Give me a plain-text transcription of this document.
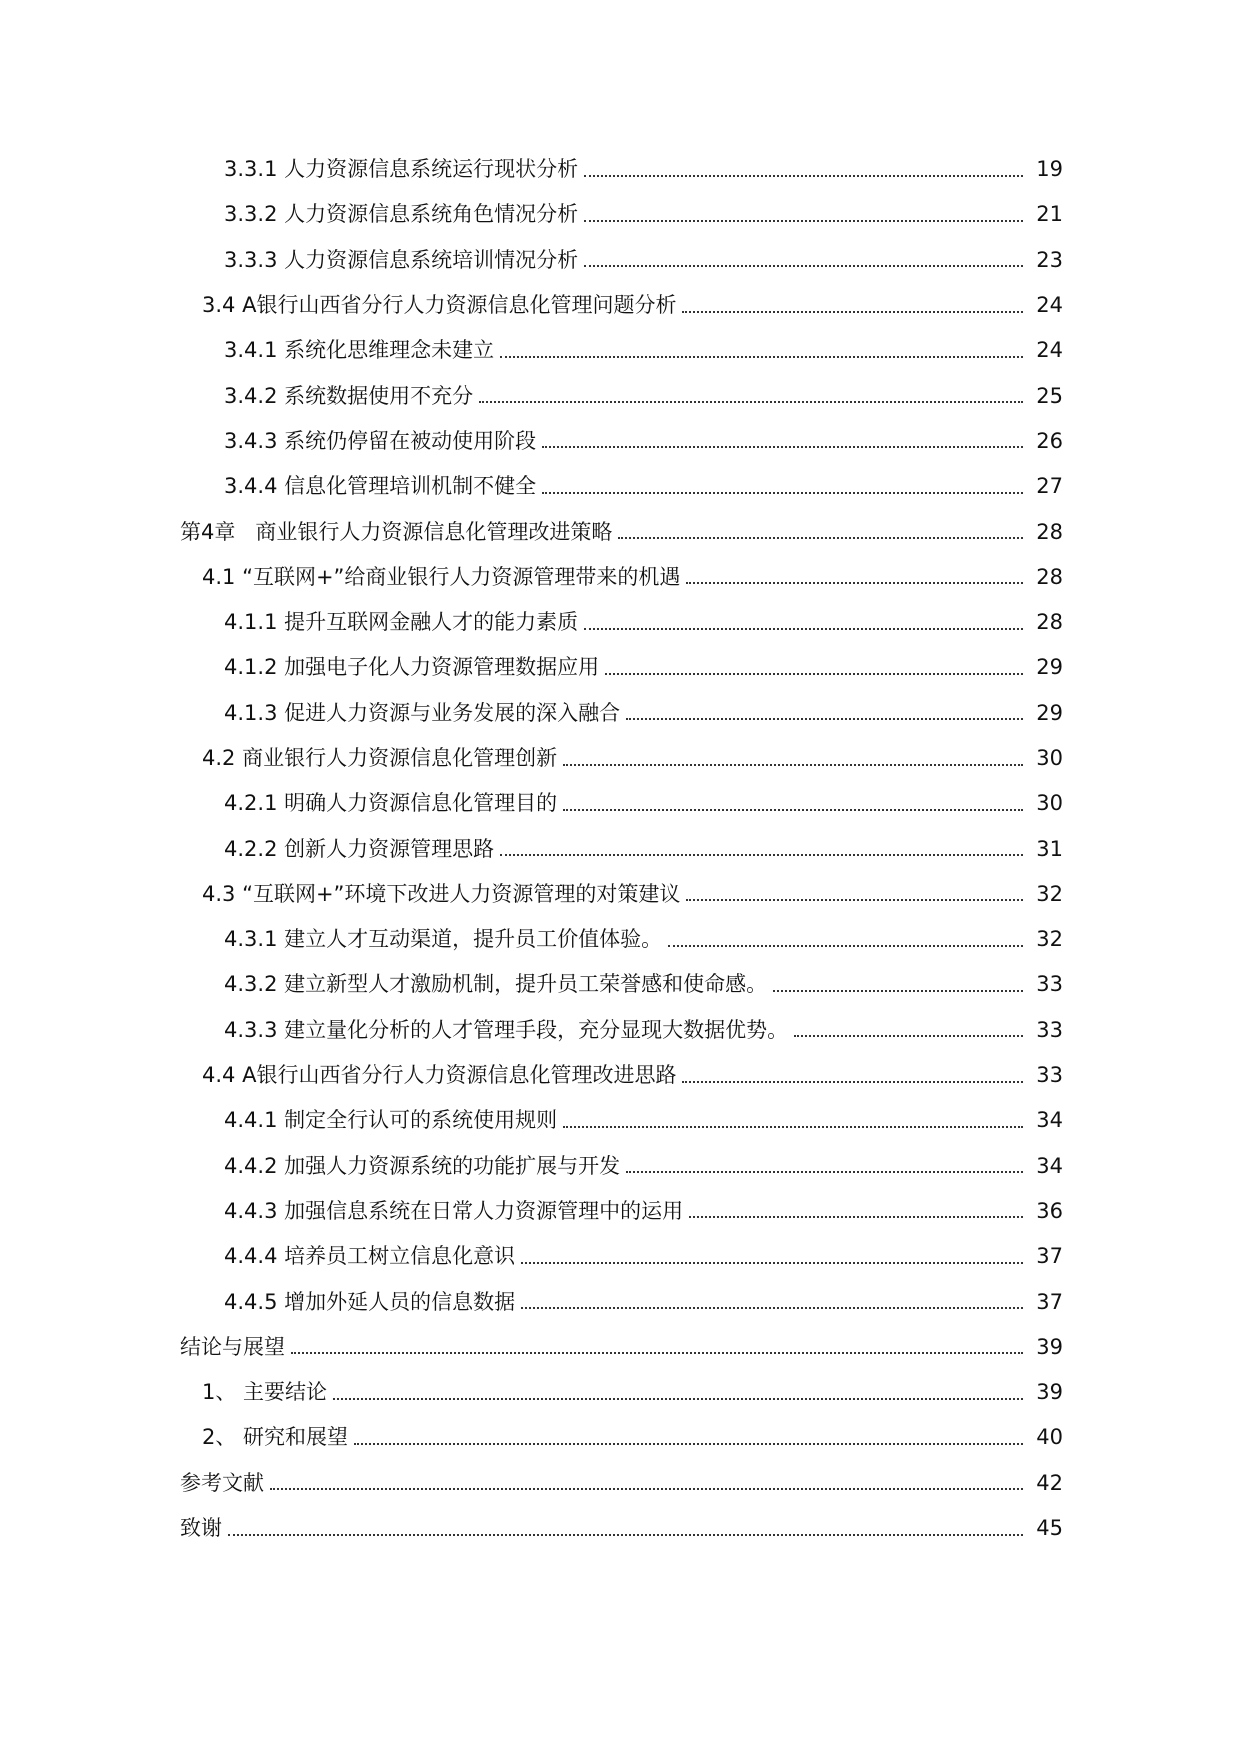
3.3.1 人力资源信息系统运行现状分析	19
3.3.2 人力资源信息系统角色情况分析	21
3.3.3 人力资源信息系统培训情况分析	23
3.4 A银行山西省分行人力资源信息化管理问题分析	24
3.4.1 系统化思维理念未建立	24
3.4.2 系统数据使用不充分	25
3.4.3 系统仍停留在被动使用阶段	26
3.4.4 信息化管理培训机制不健全	27
第4章 商业银行人力资源信息化管理改进策略	28
4.1 “互联网+”给商业银行人力资源管理带来的机遇	28
4.1.1 提升互联网金融人才的能力素质	28
4.1.2 加强电子化人力资源管理数据应用	29
4.1.3 促进人力资源与业务发展的深入融合	29
4.2 商业银行人力资源信息化管理创新	30
4.2.1 明确人力资源信息化管理目的	30
4.2.2 创新人力资源管理思路	31
4.3 “互联网+”环境下改进人力资源管理的对策建议	32
4.3.1 建立人才互动渠道，提升员工价值体验。	32
4.3.2 建立新型人才激励机制，提升员工荣誉感和使命感。	33
4.3.3 建立量化分析的人才管理手段，充分显现大数据优势。	33
4.4 A银行山西省分行人力资源信息化管理改进思路	33
4.4.1 制定全行认可的系统使用规则	34
4.4.2 加强人力资源系统的功能扩展与开发	34
4.4.3 加强信息系统在日常人力资源管理中的运用	36
4.4.4 培养员工树立信息化意识	37
4.4.5 增加外延人员的信息数据	37
结论与展望	39
1、 主要结论	39
2、 研究和展望	40
参考文献	42
致谢	45
